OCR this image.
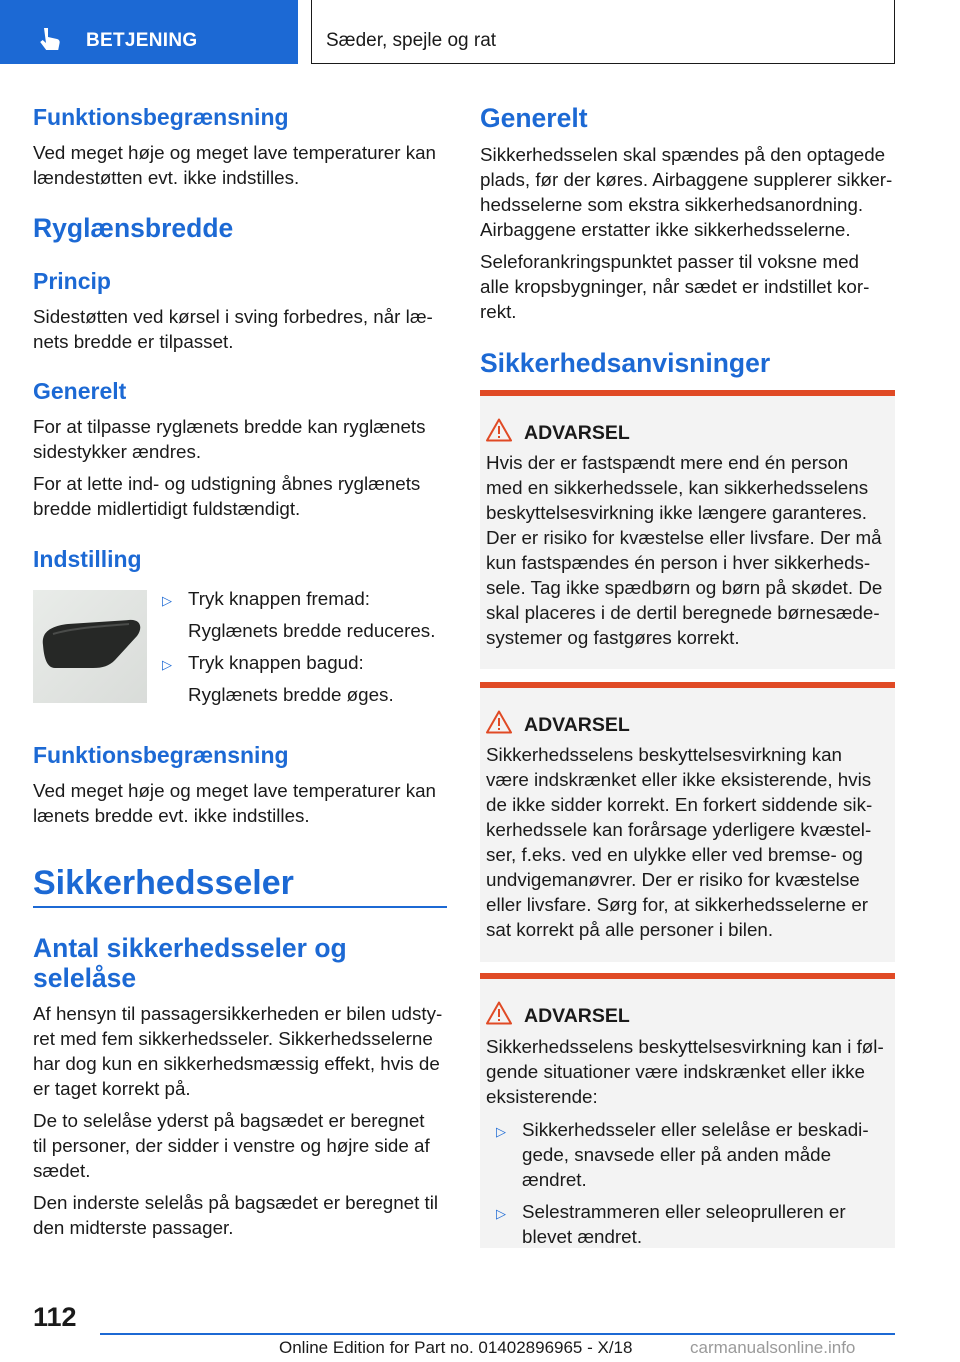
BETJENING	Sæder, spejle og rat
Funktionsbegrænsning
Ved meget høje og meget lave temperaturer kan
lændestøtten evt. ikke indstilles.
Ryglænsbredde
Princip
Sidestøtten ved kørsel i sving forbedres, når læ-
nets bredde er tilpasset.
Generelt
For at tilpasse ryglænets bredde kan ryglænets
sidestykker ændres.
For at lette ind- og udstigning åbnes ryglænets
bredde midlertidigt fuldstændigt.
Indstilling
▷ Tryk knappen fremad:
Ryglænets bredde reduceres.
▷ Tryk knappen bagud:
Ryglænets bredde øges.
Funktionsbegrænsning
Ved meget høje og meget lave temperaturer kan
lænets bredde evt. ikke indstilles.
Sikkerhedsseler
Antal sikkerhedsseler og
selelåse
Af hensyn til passagersikkerheden er bilen udsty-
ret med fem sikkerhedsseler. Sikkerhedsselerne
har dog kun en sikkerhedsmæssig effekt, hvis de
er taget korrekt på.
De to selelåse yderst på bagsædet er beregnet
til personer, der sidder i venstre og højre side af
sædet.
Den inderste selelås på bagsædet er beregnet til
den midterste passager.
Generelt
Sikkerhedsselen skal spændes på den optagede
plads, før der køres. Airbaggene supplerer sikker-
hedsselerne som ekstra sikkerhedsanordning.
Airbaggene erstatter ikke sikkerhedsselerne.
Seleforankringspunktet passer til voksne med
alle kropsbygninger, når sædet er indstillet kor-
rekt.
Sikkerhedsanvisninger
ADVARSEL
Hvis der er fastspændt mere end én person
med en sikkerhedssele, kan sikkerhedsselens
beskyttelsesvirkning ikke længere garanteres.
Der er risiko for kvæstelse eller livsfare. Der må
kun fastspændes én person i hver sikkerheds-
sele. Tag ikke spædbørn og børn på skødet. De
skal placeres i de dertil beregnede børnesæde-
systemer og fastgøres korrekt.
ADVARSEL
Sikkerhedsselens beskyttelsesvirkning kan
være indskrænket eller ikke eksisterende, hvis
de ikke sidder korrekt. En forkert siddende sik-
kerhedssele kan forårsage yderligere kvæstel-
ser, f.eks. ved en ulykke eller ved bremse- og
undvigemanøvrer. Der er risiko for kvæstelse
eller livsfare. Sørg for, at sikkerhedsselerne er
sat korrekt på alle personer i bilen.
ADVARSEL
Sikkerhedsselens beskyttelsesvirkning kan i føl-
gende situationer være indskrænket eller ikke
eksisterende:
▷ Sikkerhedsseler eller selelåse er beskadi-
gede, snavsede eller på anden måde
ændret.
▷ Selestrammeren eller seleoprulleren er
blevet ændret.
112
Online Edition for Part no. 01402896965 - X/18	carmanualsonline.info
